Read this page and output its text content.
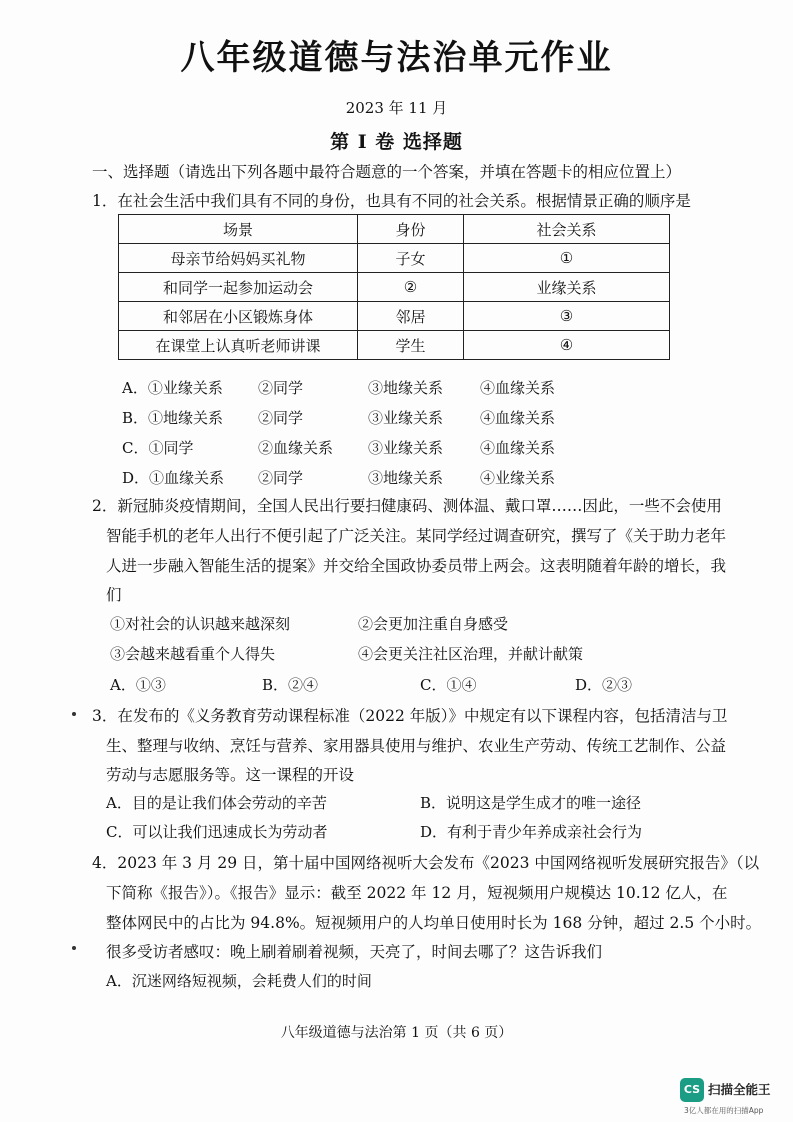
八年级道德与法治单元作业
2023 年 11 月
第 I 卷 选择题
一、选择题（请选出下列各题中最符合题意的一个答案，并填在答题卡的相应位置上）
1．在社会生活中我们具有不同的身份，也具有不同的社会关系。根据情景正确的顺序是
场景	身份	社会关系
母亲节给妈妈买礼物	子女	①
和同学一起参加运动会	②	业缘关系
和邻居在小区锻炼身体	邻居	③
在课堂上认真听老师讲课	学生	④
A．①业缘关系 ②同学	③地缘关系 ④血缘关系
B．①地缘关系 ②同学	③业缘关系 ④血缘关系
C．①同学	②血缘关系 ③业缘关系 ④血缘关系
D．①血缘关系 ②同学	③地缘关系 ④业缘关系
2．新冠肺炎疫情期间，全国人民出行要扫健康码、测体温、戴口罩……因此，一些不会使用
智能手机的老年人出行不便引起了广泛关注。某同学经过调查研究，撰写了《关于助力老年
人进一步融入智能生活的提案》并交给全国政协委员带上两会。这表明随着年龄的增长，我
们
①对社会的认识越来越深刻	②会更加注重自身感受
③会越来越看重个人得失	④会更关注社区治理，并献计献策
A．①③	B．②④	C．①④	D．②③
3．在发布的《义务教育劳动课程标准（2022 年版）》中规定有以下课程内容，包括清洁与卫
生、整理与收纳、烹饪与营养、家用器具使用与维护、农业生产劳动、传统工艺制作、公益
劳动与志愿服务等。这一课程的开设
A．目的是让我们体会劳动的辛苦	B．说明这是学生成才的唯一途径
C．可以让我们迅速成长为劳动者	D．有利于青少年养成亲社会行为
4．2023 年 3 月 29 日，第十届中国网络视听大会发布《2023 中国网络视听发展研究报告》（以
下简称《报告》）。《报告》显示：截至 2022 年 12 月，短视频用户规模达 10.12 亿人，在
整体网民中的占比为 94.8%。短视频用户的人均单日使用时长为 168 分钟，超过 2.5 个小时。
很多受访者感叹：晚上刷着刷着视频，天亮了，时间去哪了？这告诉我们
A．沉迷网络短视频，会耗费人们的时间
八年级道德与法治第 1 页（共 6 页）
CS 扫描全能王
3亿人都在用的扫描App
